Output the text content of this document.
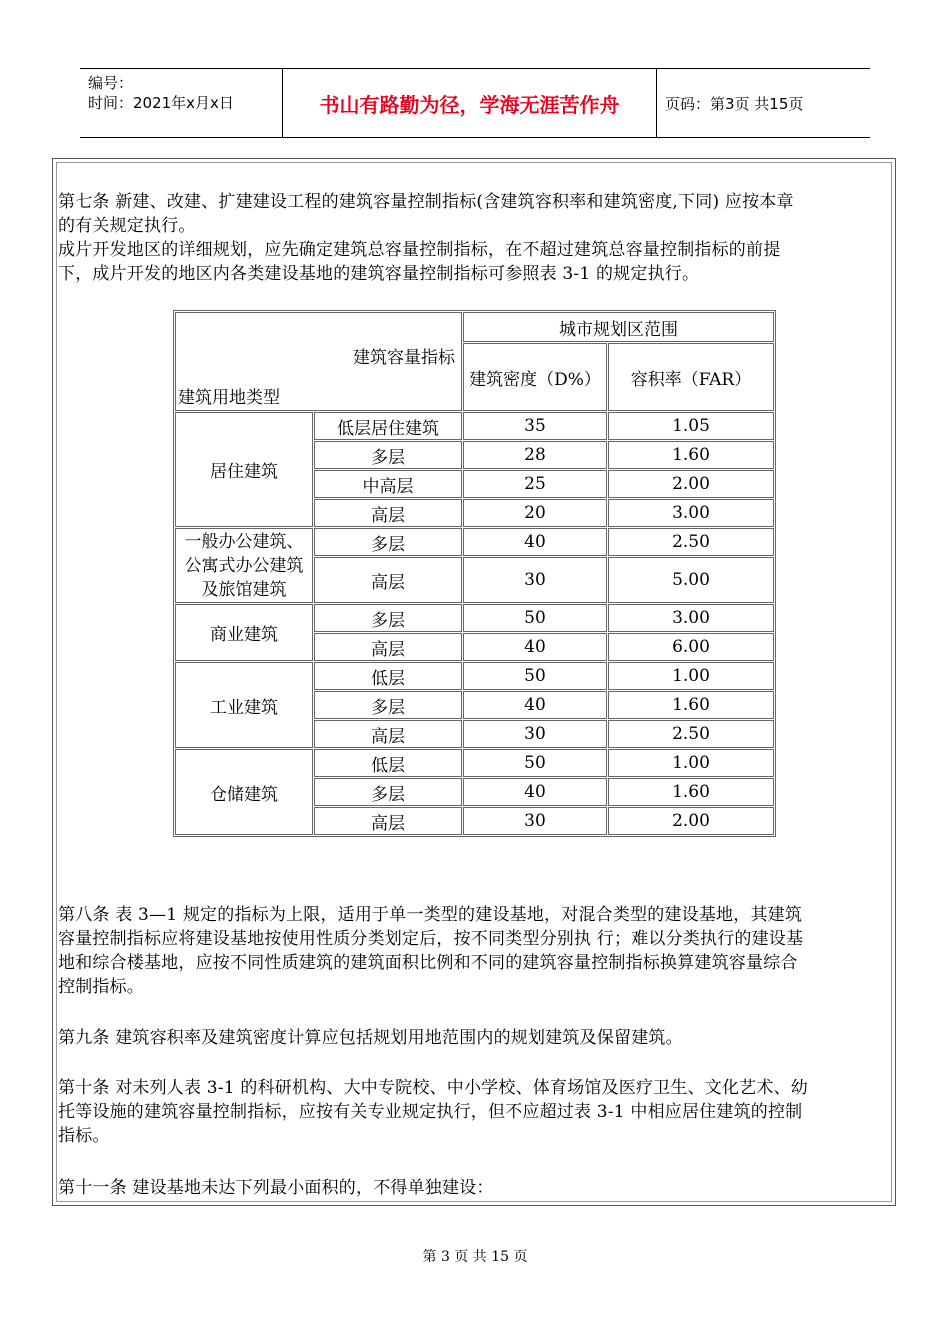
编号：
时间：2021年x月x日	书山有路勤为径，学海无涯苦作舟	页码：第3页 共15页
第七条 新建、改建、扩建建设工程的建筑容量控制指标(含建筑容积率和建筑密度,下同) 应按本章
的有关规定执行。
成片开发地区的详细规划，应先确定建筑总容量控制指标，在不超过建筑总容量控制指标的前提
下，成片开发的地区内各类建设基地的建筑容量控制指标可参照表 3-1 的规定执行。
建筑容量指标
建筑用地类型		城市规划区范围	
		建筑密度（D%）	容积率（FAR）
居住建筑	低层居住建筑	35	1.05
	多层	28	1.60
	中高层	25	2.00
	高层	20	3.00

一般办公建筑、
公寓式办公建筑
及旅馆建筑	多层	40	2.50
	高层	30	5.00
商业建筑	多层	50	3.00
	高层	40	6.00
工业建筑	低层	50	1.00
	多层	40	1.60
	高层	30	2.50
仓储建筑	低层	50	1.00
	多层	40	1.60
	高层	30	2.00
第八条 表 3—1 规定的指标为上限，适用于单一类型的建设基地，对混合类型的建设基地，其建筑
容量控制指标应将建设基地按使用性质分类划定后，按不同类型分别执 行；难以分类执行的建设基
地和综合楼基地，应按不同性质建筑的建筑面积比例和不同的建筑容量控制指标换算建筑容量综合
控制指标。
第九条 建筑容积率及建筑密度计算应包括规划用地范围内的规划建筑及保留建筑。
第十条 对未列人表 3-1 的科研机构、大中专院校、中小学校、体育场馆及医疗卫生、文化艺术、幼
托等设施的建筑容量控制指标，应按有关专业规定执行，但不应超过表 3-1 中相应居住建筑的控制
指标。
第十一条 建设基地未达下列最小面积的，不得单独建设：
第 3 页 共 15 页
